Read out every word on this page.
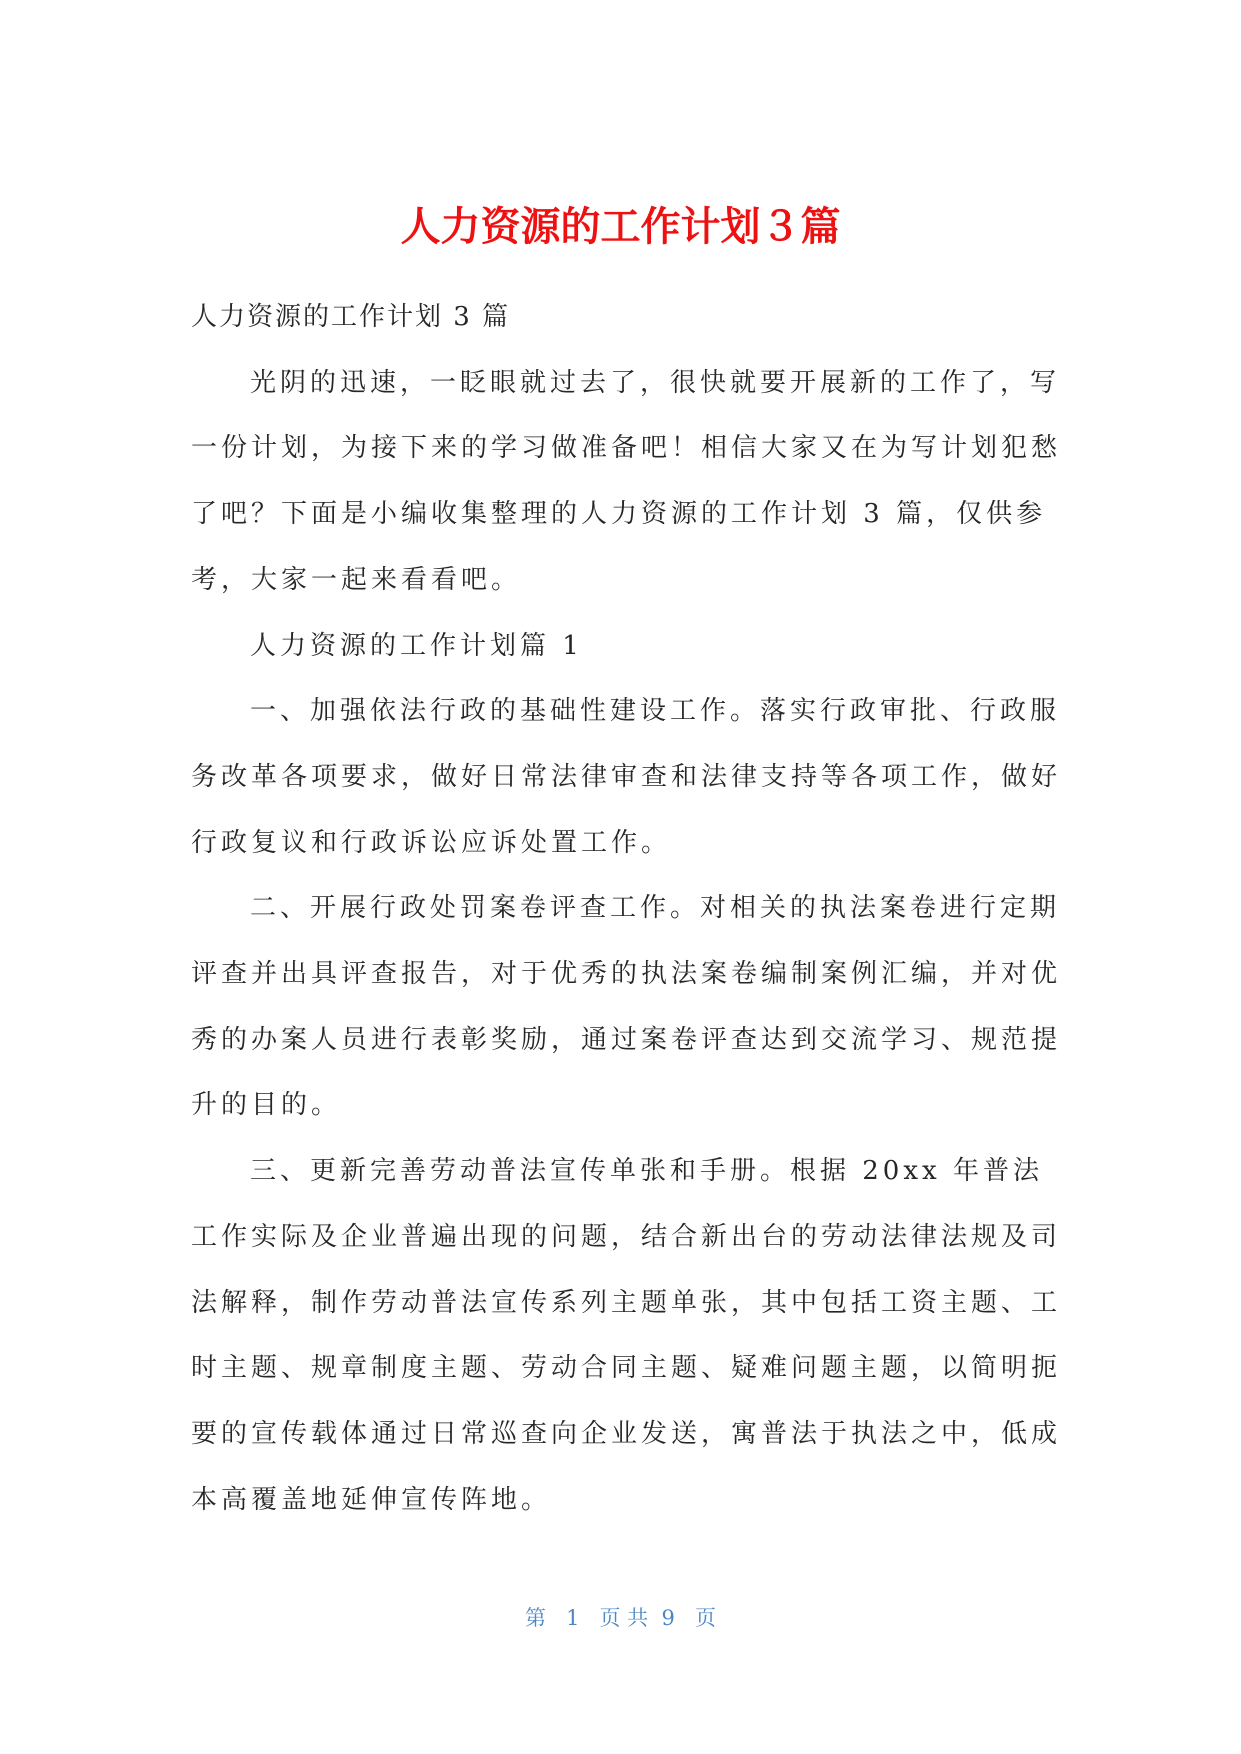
人力资源的工作计划３篇

人力资源的工作计划 3 篇

光阴的迅速，一眨眼就过去了，很快就要开展新的工作了，写一份计划，为接下来的学习做准备吧！相信大家又在为写计划犯愁了吧？下面是小编收集整理的人力资源的工作计划 3 篇，仅供参考，大家一起来看看吧。

人力资源的工作计划篇 1

一、加强依法行政的基础性建设工作。落实行政审批、行政服务改革各项要求，做好日常法律审查和法律支持等各项工作，做好行政复议和行政诉讼应诉处置工作。

二、开展行政处罚案卷评查工作。对相关的执法案卷进行定期评查并出具评查报告，对于优秀的执法案卷编制案例汇编，并对优秀的办案人员进行表彰奖励，通过案卷评查达到交流学习、规范提升的目的。

三、更新完善劳动普法宣传单张和手册。根据 20xx 年普法工作实际及企业普遍出现的问题，结合新出台的劳动法律法规及司法解释，制作劳动普法宣传系列主题单张，其中包括工资主题、工时主题、规章制度主题、劳动合同主题、疑难问题主题，以简明扼要的宣传载体通过日常巡查向企业发送，寓普法于执法之中，低成本高覆盖地延伸宣传阵地。

第 1 页 共 9 页
